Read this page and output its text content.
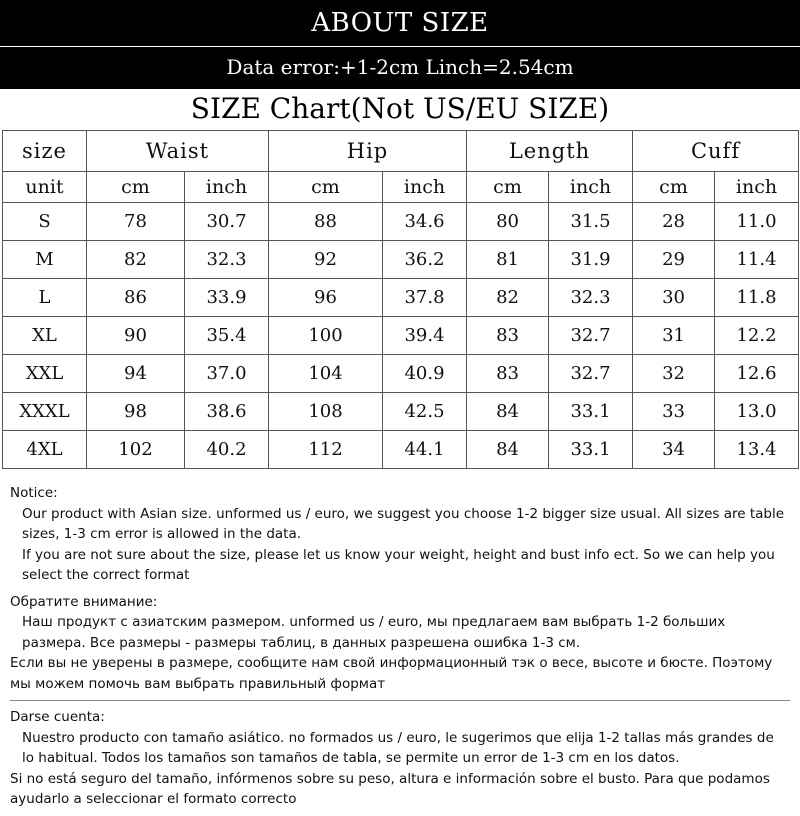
ABOUT SIZE
Data error:+1-2cm Linch=2.54cm
SIZE Chart(Not US/EU SIZE)
size	Waist		Hip		Length		Cuff	
unit	cm	inch	cm	inch	cm	inch	cm	inch
S	78	30.7	88	34.6	80	31.5	28	11.0
M	82	32.3	92	36.2	81	31.9	29	11.4
L	86	33.9	96	37.8	82	32.3	30	11.8
XL	90	35.4	100	39.4	83	32.7	31	12.2
XXL	94	37.0	104	40.9	83	32.7	32	12.6
XXXL	98	38.6	108	42.5	84	33.1	33	13.0
4XL	102	40.2	112	44.1	84	33.1	34	13.4

Notice:

Our product with Asian size. unformed us / euro, we suggest you choose 1-2 bigger size usual. All sizes are table sizes, 1-3 cm error is allowed in the data.

If you are not sure about the size, please let us know your weight, height and bust info ect. So we can help you select the correct format

Обратите внимание:

Наш продукт с азиатским размером. unformed us / euro, мы предлагаем вам выбрать 1-2 больших размера. Все размеры - размеры таблиц, в данных разрешена ошибка 1-3 см.

Если вы не уверены в размере, сообщите нам свой информационный тэк о весе, высоте и бюсте. Поэтому мы можем помочь вам выбрать правильный формат

Darse cuenta:

Nuestro producto con tamaño asiático. no formados us / euro, le sugerimos que elija 1-2 tallas más grandes de lo habitual. Todos los tamaños son tamaños de tabla, se permite un error de 1-3 cm en los datos.

Si no está seguro del tamaño, infórmenos sobre su peso, altura e información sobre el busto. Para que podamos ayudarlo a seleccionar el formato correcto
